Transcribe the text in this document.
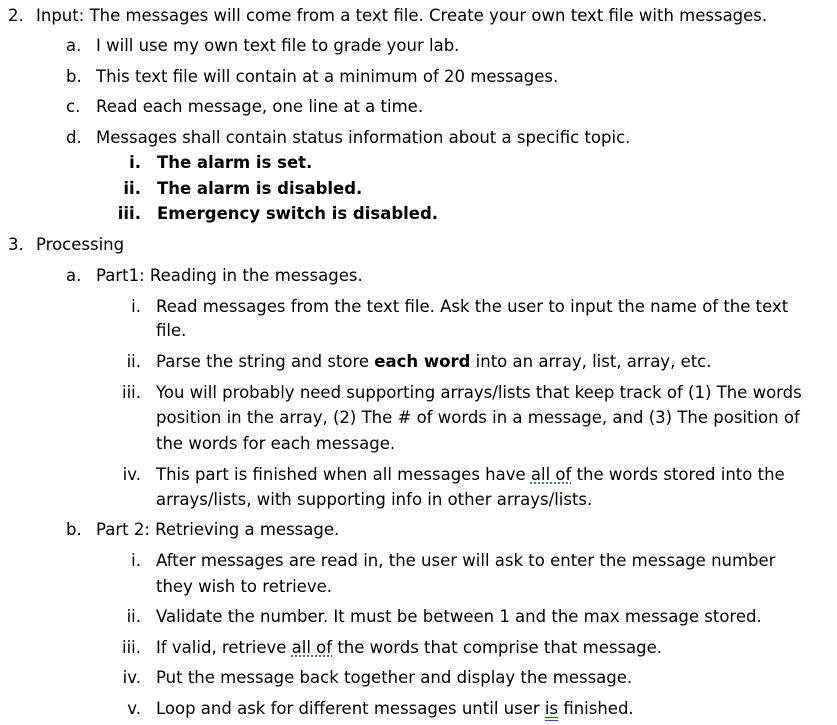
2. Input: The messages will come from a text file. Create your own text file with messages.
a. I will use my own text file to grade your lab.
b. This text file will contain at a minimum of 20 messages.
c. Read each message, one line at a time.
d. Messages shall contain status information about a specific topic.
i. The alarm is set.
ii. The alarm is disabled.
iii. Emergency switch is disabled.
3. Processing
a. Part1: Reading in the messages.
i. Read messages from the text file. Ask the user to input the name of the text
file.
ii. Parse the string and store each word into an array, list, array, etc.
iii. You will probably need supporting arrays/lists that keep track of (1) The words
position in the array, (2) The # of words in a message, and (3) The position of
the words for each message.
iv. This part is finished when all messages have all of the words stored into the
arrays/lists, with supporting info in other arrays/lists.
b. Part 2: Retrieving a message.
i. After messages are read in, the user will ask to enter the message number
they wish to retrieve.
ii. Validate the number. It must be between 1 and the max message stored.
iii. If valid, retrieve all of the words that comprise that message.
iv. Put the message back together and display the message.
v. Loop and ask for different messages until user is finished.
